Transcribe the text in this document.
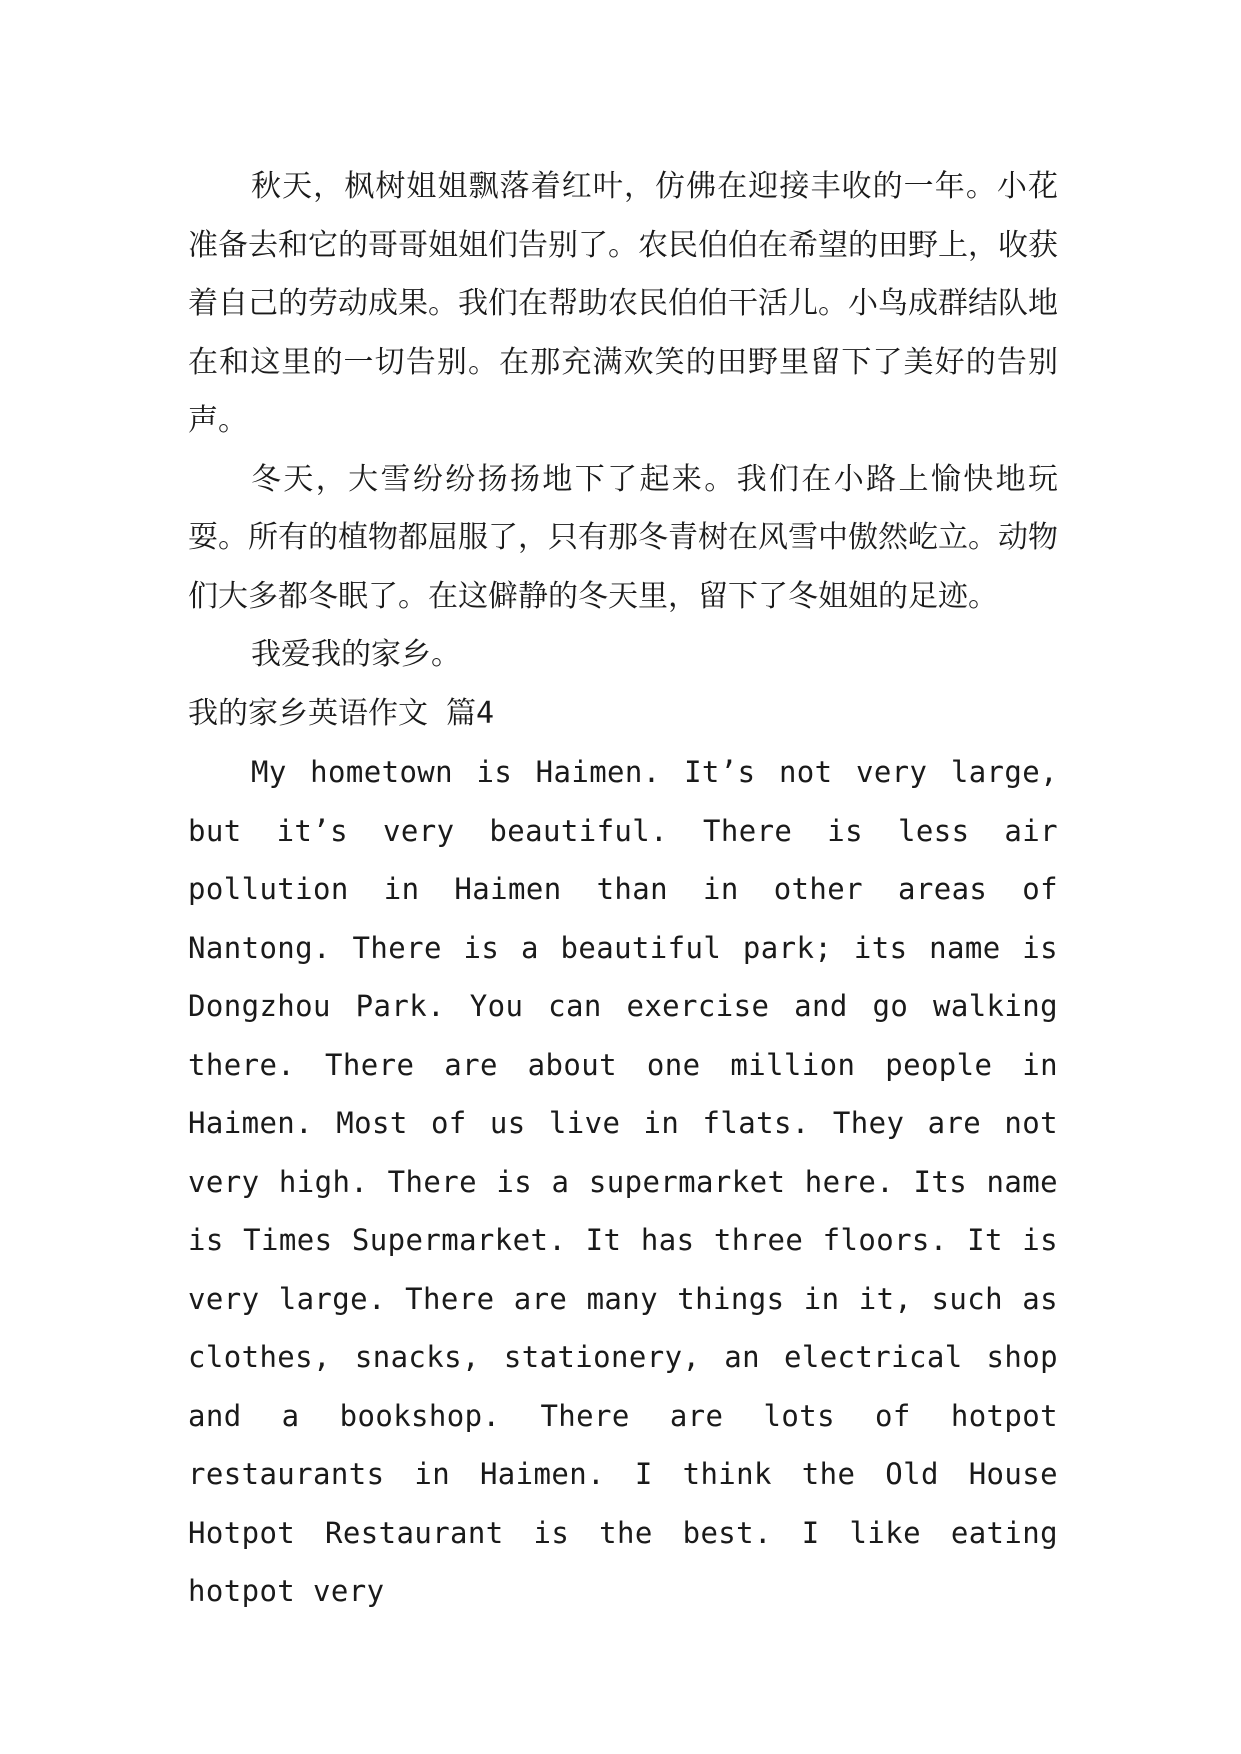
秋天，枫树姐姐飘落着红叶，仿佛在迎接丰收的一年。小花准备去和它的哥哥姐姐们告别了。农民伯伯在希望的田野上，收获着自己的劳动成果。我们在帮助农民伯伯干活儿。小鸟成群结队地在和这里的一切告别。在那充满欢笑的田野里留下了美好的告别声。

冬天，大雪纷纷扬扬地下了起来。我们在小路上愉快地玩耍。所有的植物都屈服了，只有那冬青树在风雪中傲然屹立。动物们大多都冬眠了。在这僻静的冬天里，留下了冬姐姐的足迹。

我爱我的家乡。

我的家乡英语作文 篇4

My hometown is Haimen. It’s not very large, but it’s very beautiful. There is less air pollution in Haimen than in other areas of Nantong. There is a beautiful park; its name is Dongzhou Park. You can exercise and go walking there. There are about one million people in Haimen. Most of us live in flats. They are not very high. There is a supermarket here. Its name is Times Supermarket. It has three floors. It is very large. There are many things in it, such as clothes, snacks, stationery, an electrical shop and a bookshop. There are lots of hotpot restaurants in Haimen. I think the Old House Hotpot Restaurant is the best. I like eating hotpot very
